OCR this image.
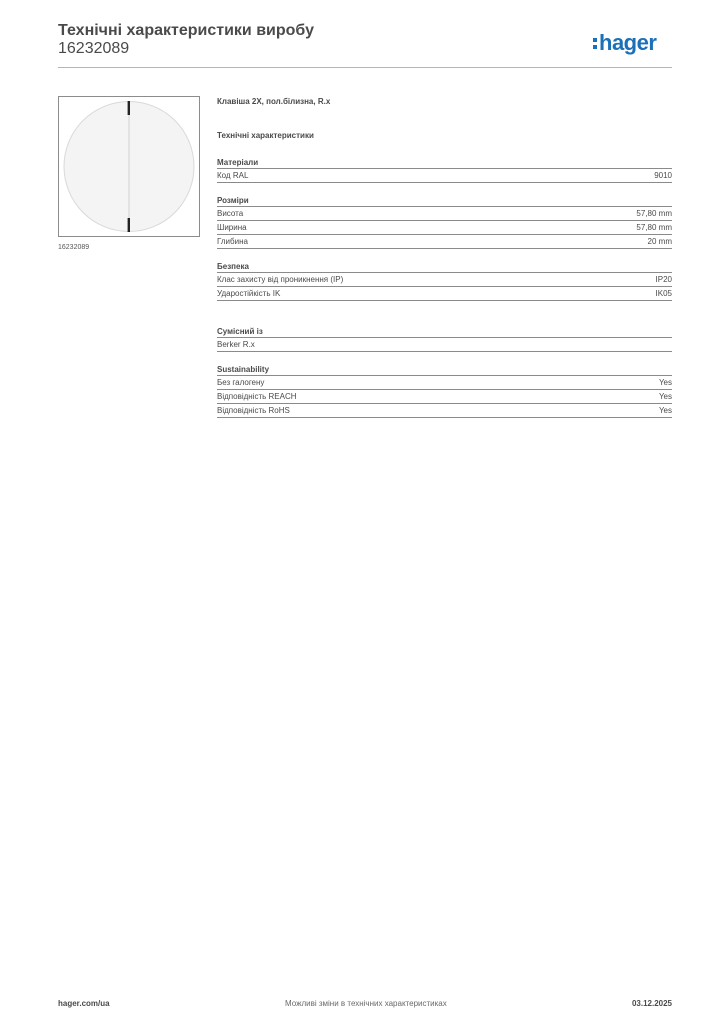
Технічні характеристики виробу
16232089	hager
16232089
Клавіша 2X, пол.білизна, R.x
Технічні характеристики
Матеріали
Код RAL	9010
Розміри
Висота	57,80 mm
Ширина	57,80 mm
Глибина	20 mm
Безпека
Клас захисту від проникнення (IP)	IP20
Ударостійкість IK	IK05
Сумісний із
Berker R.x
Sustainability
Без галогену	Yes
Відповідність REACH	Yes
Відповідність RoHS	Yes
hager.com/ua	Можливі зміни в технічних характеристиках	03.12.2025
